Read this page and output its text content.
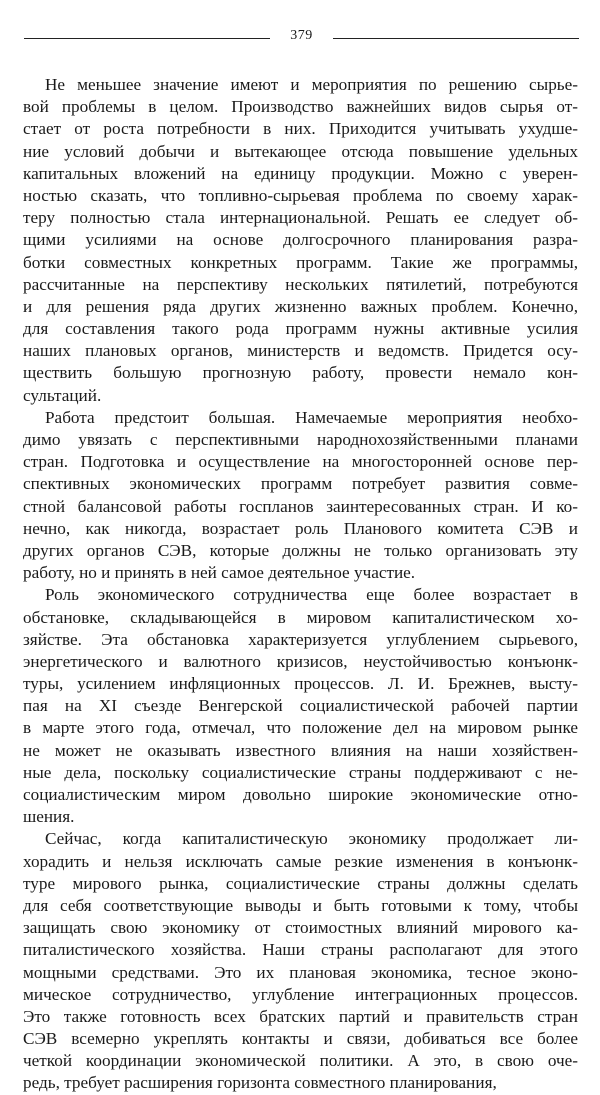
379
Не меньшее значение имеют и мероприятия по решению сырье-
вой проблемы в целом. Производство важнейших видов сырья от-
стает от роста потребности в них. Приходится учитывать ухудше-
ние условий добычи и вытекающее отсюда повышение удельных
капитальных вложений на единицу продукции. Можно с уверен-
ностью сказать, что топливно-сырьевая проблема по своему харак-
теру полностью стала интернациональной. Решать ее следует об-
щими усилиями на основе долгосрочного планирования разра-
ботки совместных конкретных программ. Такие же программы,
рассчитанные на перспективу нескольких пятилетий, потребуются
и для решения ряда других жизненно важных проблем. Конечно,
для составления такого рода программ нужны активные усилия
наших плановых органов, министерств и ведомств. Придется осу-
ществить большую прогнозную работу, провести немало кон-
сультаций.
Работа предстоит большая. Намечаемые мероприятия необхо-
димо увязать с перспективными народнохозяйственными планами
стран. Подготовка и осуществление на многосторонней основе пер-
спективных экономических программ потребует развития совме-
стной балансовой работы госпланов заинтересованных стран. И ко-
нечно, как никогда, возрастает роль Планового комитета СЭВ и
других органов СЭВ, которые должны не только организовать эту
работу, но и принять в ней самое деятельное участие.
Роль экономического сотрудничества еще более возрастает в
обстановке, складывающейся в мировом капиталистическом хо-
зяйстве. Эта обстановка характеризуется углублением сырьевого,
энергетического и валютного кризисов, неустойчивостью конъюнк-
туры, усилением инфляционных процессов. Л. И. Брежнев, высту-
пая на XI съезде Венгерской социалистической рабочей партии
в марте этого года, отмечал, что положение дел на мировом рынке
не может не оказывать известного влияния на наши хозяйствен-
ные дела, поскольку социалистические страны поддерживают с не-
социалистическим миром довольно широкие экономические отно-
шения.
Сейчас, когда капиталистическую экономику продолжает ли-
хорадить и нельзя исключать самые резкие изменения в конъюнк-
туре мирового рынка, социалистические страны должны сделать
для себя соответствующие выводы и быть готовыми к тому, чтобы
защищать свою экономику от стоимостных влияний мирового ка-
питалистического хозяйства. Наши страны располагают для этого
мощными средствами. Это их плановая экономика, тесное эконо-
мическое сотрудничество, углубление интеграционных процессов.
Это также готовность всех братских партий и правительств стран
СЭВ всемерно укреплять контакты и связи, добиваться все более
четкой координации экономической политики. А это, в свою оче-
редь, требует расширения горизонта совместного планирования,
